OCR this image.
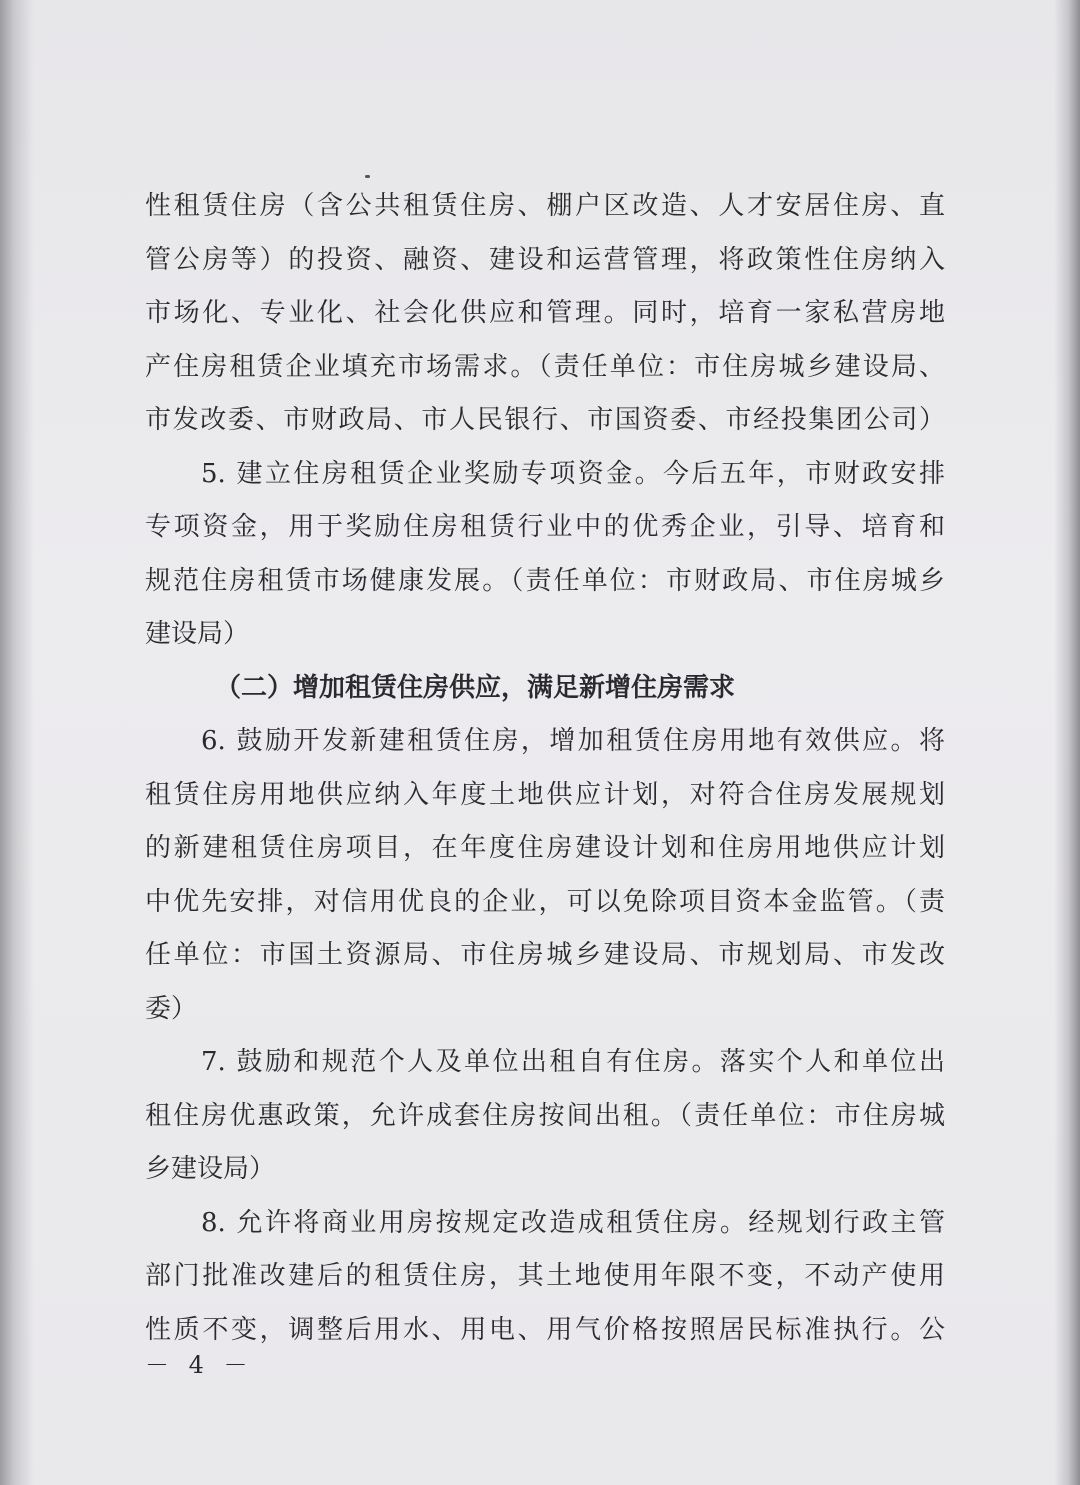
性租赁住房（含公共租赁住房、棚户区改造、人才安居住房、直
管公房等）的投资、融资、建设和运营管理，将政策性住房纳入
市场化、专业化、社会化供应和管理。同时，培育一家私营房地
产住房租赁企业填充市场需求。（责任单位：市住房城乡建设局、
市发改委、市财政局、市人民银行、市国资委、市经投集团公司）
5. 建立住房租赁企业奖励专项资金。今后五年，市财政安排
专项资金，用于奖励住房租赁行业中的优秀企业，引导、培育和
规范住房租赁市场健康发展。（责任单位：市财政局、市住房城乡
建设局）
（二）增加租赁住房供应，满足新增住房需求
6. 鼓励开发新建租赁住房，增加租赁住房用地有效供应。将
租赁住房用地供应纳入年度土地供应计划，对符合住房发展规划
的新建租赁住房项目，在年度住房建设计划和住房用地供应计划
中优先安排，对信用优良的企业，可以免除项目资本金监管。（责
任单位：市国土资源局、市住房城乡建设局、市规划局、市发改
委）
7. 鼓励和规范个人及单位出租自有住房。落实个人和单位出
租住房优惠政策，允许成套住房按间出租。（责任单位：市住房城
乡建设局）
8. 允许将商业用房按规定改造成租赁住房。经规划行政主管
部门批准改建后的租赁住房，其土地使用年限不变，不动产使用
性质不变，调整后用水、用电、用气价格按照居民标准执行。公
－ 4 －
